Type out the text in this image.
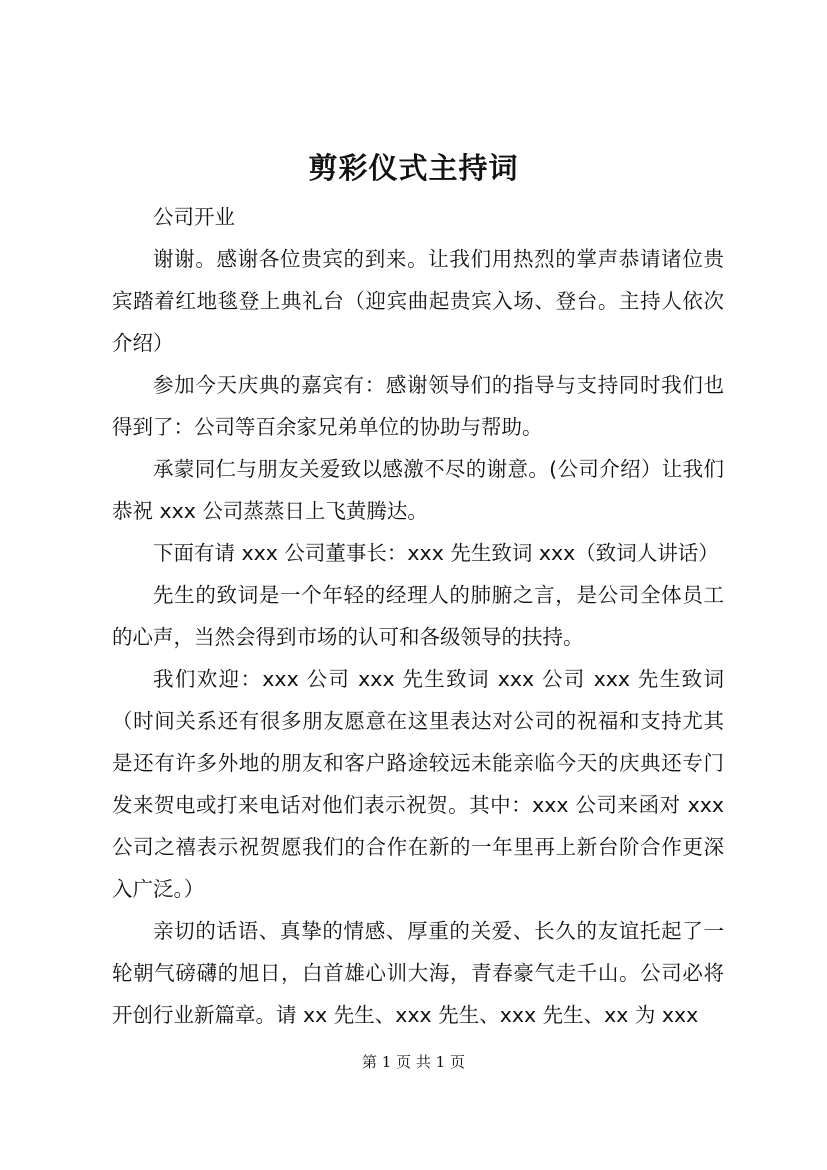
剪彩仪式主持词

公司开业

谢谢。感谢各位贵宾的到来。让我们用热烈的掌声恭请诸位贵宾踏着红地毯登上典礼台（迎宾曲起贵宾入场、登台。主持人依次介绍）

参加今天庆典的嘉宾有：感谢领导们的指导与支持同时我们也得到了：公司等百余家兄弟单位的协助与帮助。

承蒙同仁与朋友关爱致以感激不尽的谢意。(公司介绍）让我们恭祝 xxx 公司蒸蒸日上飞黄腾达。

下面有请 xxx 公司董事长：xxx 先生致词 xxx（致词人讲话）

先生的致词是一个年轻的经理人的肺腑之言，是公司全体员工的心声，当然会得到市场的认可和各级领导的扶持。

我们欢迎：xxx 公司 xxx 先生致词 xxx 公司 xxx 先生致词（时间关系还有很多朋友愿意在这里表达对公司的祝福和支持尤其是还有许多外地的朋友和客户路途较远未能亲临今天的庆典还专门发来贺电或打来电话对他们表示祝贺。其中：xxx 公司来函对 xxx 公司之禧表示祝贺愿我们的合作在新的一年里再上新台阶合作更深入广泛。）

亲切的话语、真挚的情感、厚重的关爱、长久的友谊托起了一轮朝气磅礴的旭日，白首雄心训大海，青春豪气走千山。公司必将开创行业新篇章。请 xx 先生、xxx 先生、xxx 先生、xx 为 xxx

第 1 页 共 1 页
